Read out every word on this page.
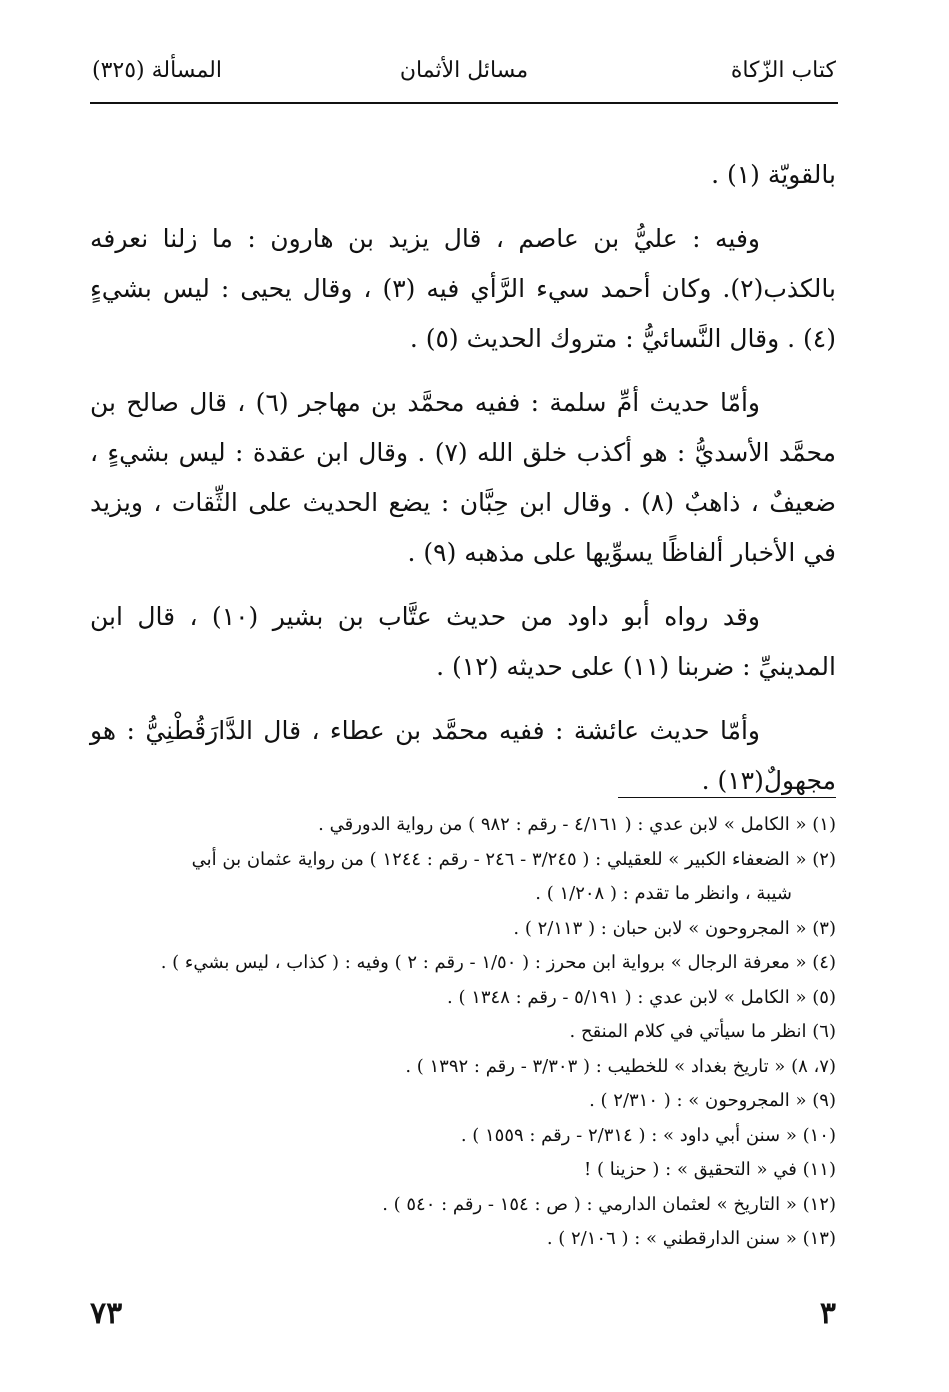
كتاب الزّكاة
مسائل الأثمان
المسألة (٣٢٥)

بالقويّة (١) .

وفيه : عليُّ بن عاصم ، قال يزيد بن هارون : ما زلنا نعرفه بالكذب(٢). وكان أحمد سيء الرَّأي فيه (٣) ، وقال يحيى : ليس بشيءٍ (٤) . وقال النَّسائيُّ : متروك الحديث (٥) .

وأمّا حديث أمِّ سلمة : ففيه محمَّد بن مهاجر (٦) ، قال صالح بن محمَّد الأسديُّ : هو أكذب خلق الله (٧) . وقال ابن عقدة : ليس بشيءٍ ، ضعيفٌ ، ذاهبٌ (٨) . وقال ابن حِبَّان : يضع الحديث على الثِّقات ، ويزيد في الأخبار ألفاظًا يسوِّيها على مذهبه (٩) .

وقد رواه أبو داود من حديث عتَّاب بن بشير (١٠) ، قال ابن المدينيِّ : ضربنا (١١) على حديثه (١٢) .

وأمّا حديث عائشة : ففيه محمَّد بن عطاء ، قال الدَّارَقُطْنِيُّ : هو مجهولٌ(١٣) .

(١) « الكامل » لابن عدي : ( ٤/١٦١ - رقم : ٩٨٢ ) من رواية الدورقي .

(٢) « الضعفاء الكبير » للعقيلي : ( ٣/٢٤٥ - ٢٤٦ - رقم : ١٢٤٤ ) من رواية عثمان بن أبي
شيبة ، وانظر ما تقدم : ( ١/٢٠٨ ) .

(٣) « المجروحون » لابن حبان : ( ٢/١١٣ ) .

(٤) « معرفة الرجال » برواية ابن محرز : ( ١/٥٠ - رقم : ٢ ) وفيه : ( كذاب ، ليس بشيء ) .

(٥) « الكامل » لابن عدي : ( ٥/١٩١ - رقم : ١٣٤٨ ) .

(٦) انظر ما سيأتي في كلام المنقح .

(٧، ٨) « تاريخ بغداد » للخطيب : ( ٣/٣٠٣ - رقم : ١٣٩٢ ) .

(٩) « المجروحون » : ( ٢/٣١٠ ) .

(١٠) « سنن أبي داود » : ( ٢/٣١٤ - رقم : ١٥٥٩ ) .

(١١) في « التحقيق » : ( حزينا ) !

(١٢) « التاريخ » لعثمان الدارمي : ( ص : ١٥٤ - رقم : ٥٤٠ ) .

(١٣) « سنن الدارقطني » : ( ٢/١٠٦ ) .

٣
٧٣
